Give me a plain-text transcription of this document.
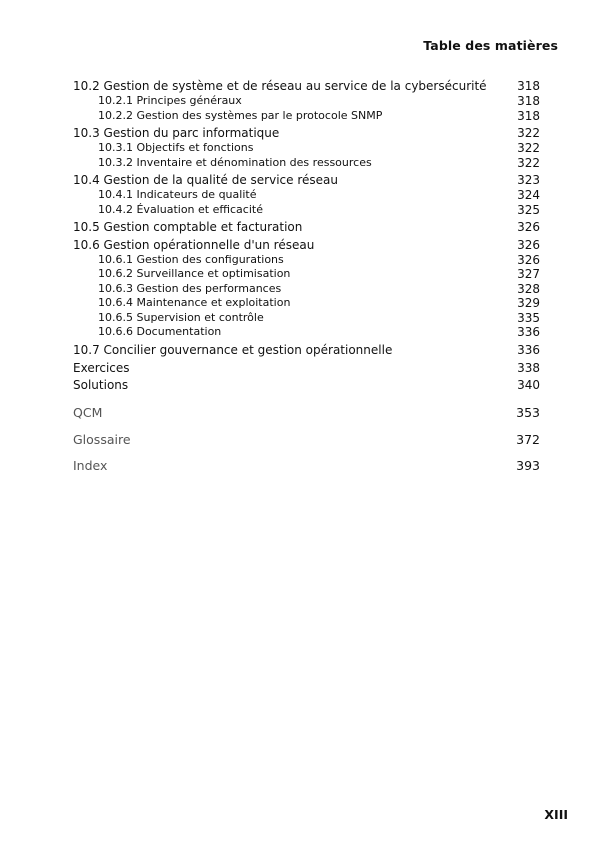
Table des matières
10.2 Gestion de système et de réseau au service de la cybersécurité	318
10.2.1 Principes généraux	318
10.2.2 Gestion des systèmes par le protocole SNMP	318
10.3 Gestion du parc informatique	322
10.3.1 Objectifs et fonctions	322
10.3.2 Inventaire et dénomination des ressources	322
10.4 Gestion de la qualité de service réseau	323
10.4.1 Indicateurs de qualité	324
10.4.2 Évaluation et efficacité	325
10.5 Gestion comptable et facturation	326
10.6 Gestion opérationnelle d'un réseau	326
10.6.1 Gestion des configurations	326
10.6.2 Surveillance et optimisation	327
10.6.3 Gestion des performances	328
10.6.4 Maintenance et exploitation	329
10.6.5 Supervision et contrôle	335
10.6.6 Documentation	336
10.7 Concilier gouvernance et gestion opérationnelle	336
Exercices	338
Solutions	340
QCM	353
Glossaire	372
Index	393
XIII
